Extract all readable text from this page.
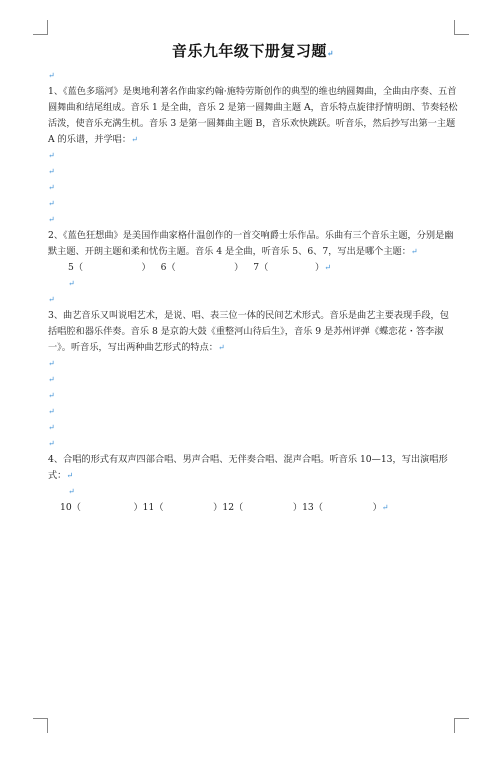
音乐九年级下册复习题↵
↵

1、《蓝色多瑙河》是奥地利著名作曲家约翰·施特劳斯创作的典型的维也纳圆舞曲，全曲由序奏、五首圆舞曲和结尾组成。音乐 1 是全曲，音乐 2 是第一圆舞曲主题 A，音乐特点旋律抒情明朗、节奏轻松活泼，使音乐充满生机。音乐 3 是第一圆舞曲主题 B，音乐欢快跳跃。听音乐，然后抄写出第一主题 A 的乐谱，并学唱：↵

↵
↵
↵
↵
↵

2、《蓝色狂想曲》是美国作曲家格什温创作的一首交响爵士乐作品。乐曲有三个音乐主题，分别是幽默主题、开朗主题和柔和忧伤主题。音乐 4 是全曲，听音乐 5、6、7，写出是哪个主题：↵

5（                    ） 6（                    ） 7（                ） ↵
↵
↵

3、曲艺音乐又叫说唱艺术，是说、唱、表三位一体的民间艺术形式。音乐是曲艺主要表现手段，包括唱腔和器乐伴奏。音乐 8 是京韵大鼓《重整河山待后生》，音乐 9 是苏州评弹《蝶恋花・答李淑一》。听音乐，写出两种曲艺形式的特点：↵

↵
↵
↵
↵
↵
↵

4、合唱的形式有双声四部合唱、男声合唱、无伴奏合唱、混声合唱。听音乐 10—13，写出演唱形式：↵

↵
10（                  ） 11（                 ） 12（                 ） 13（                 ） ↵
